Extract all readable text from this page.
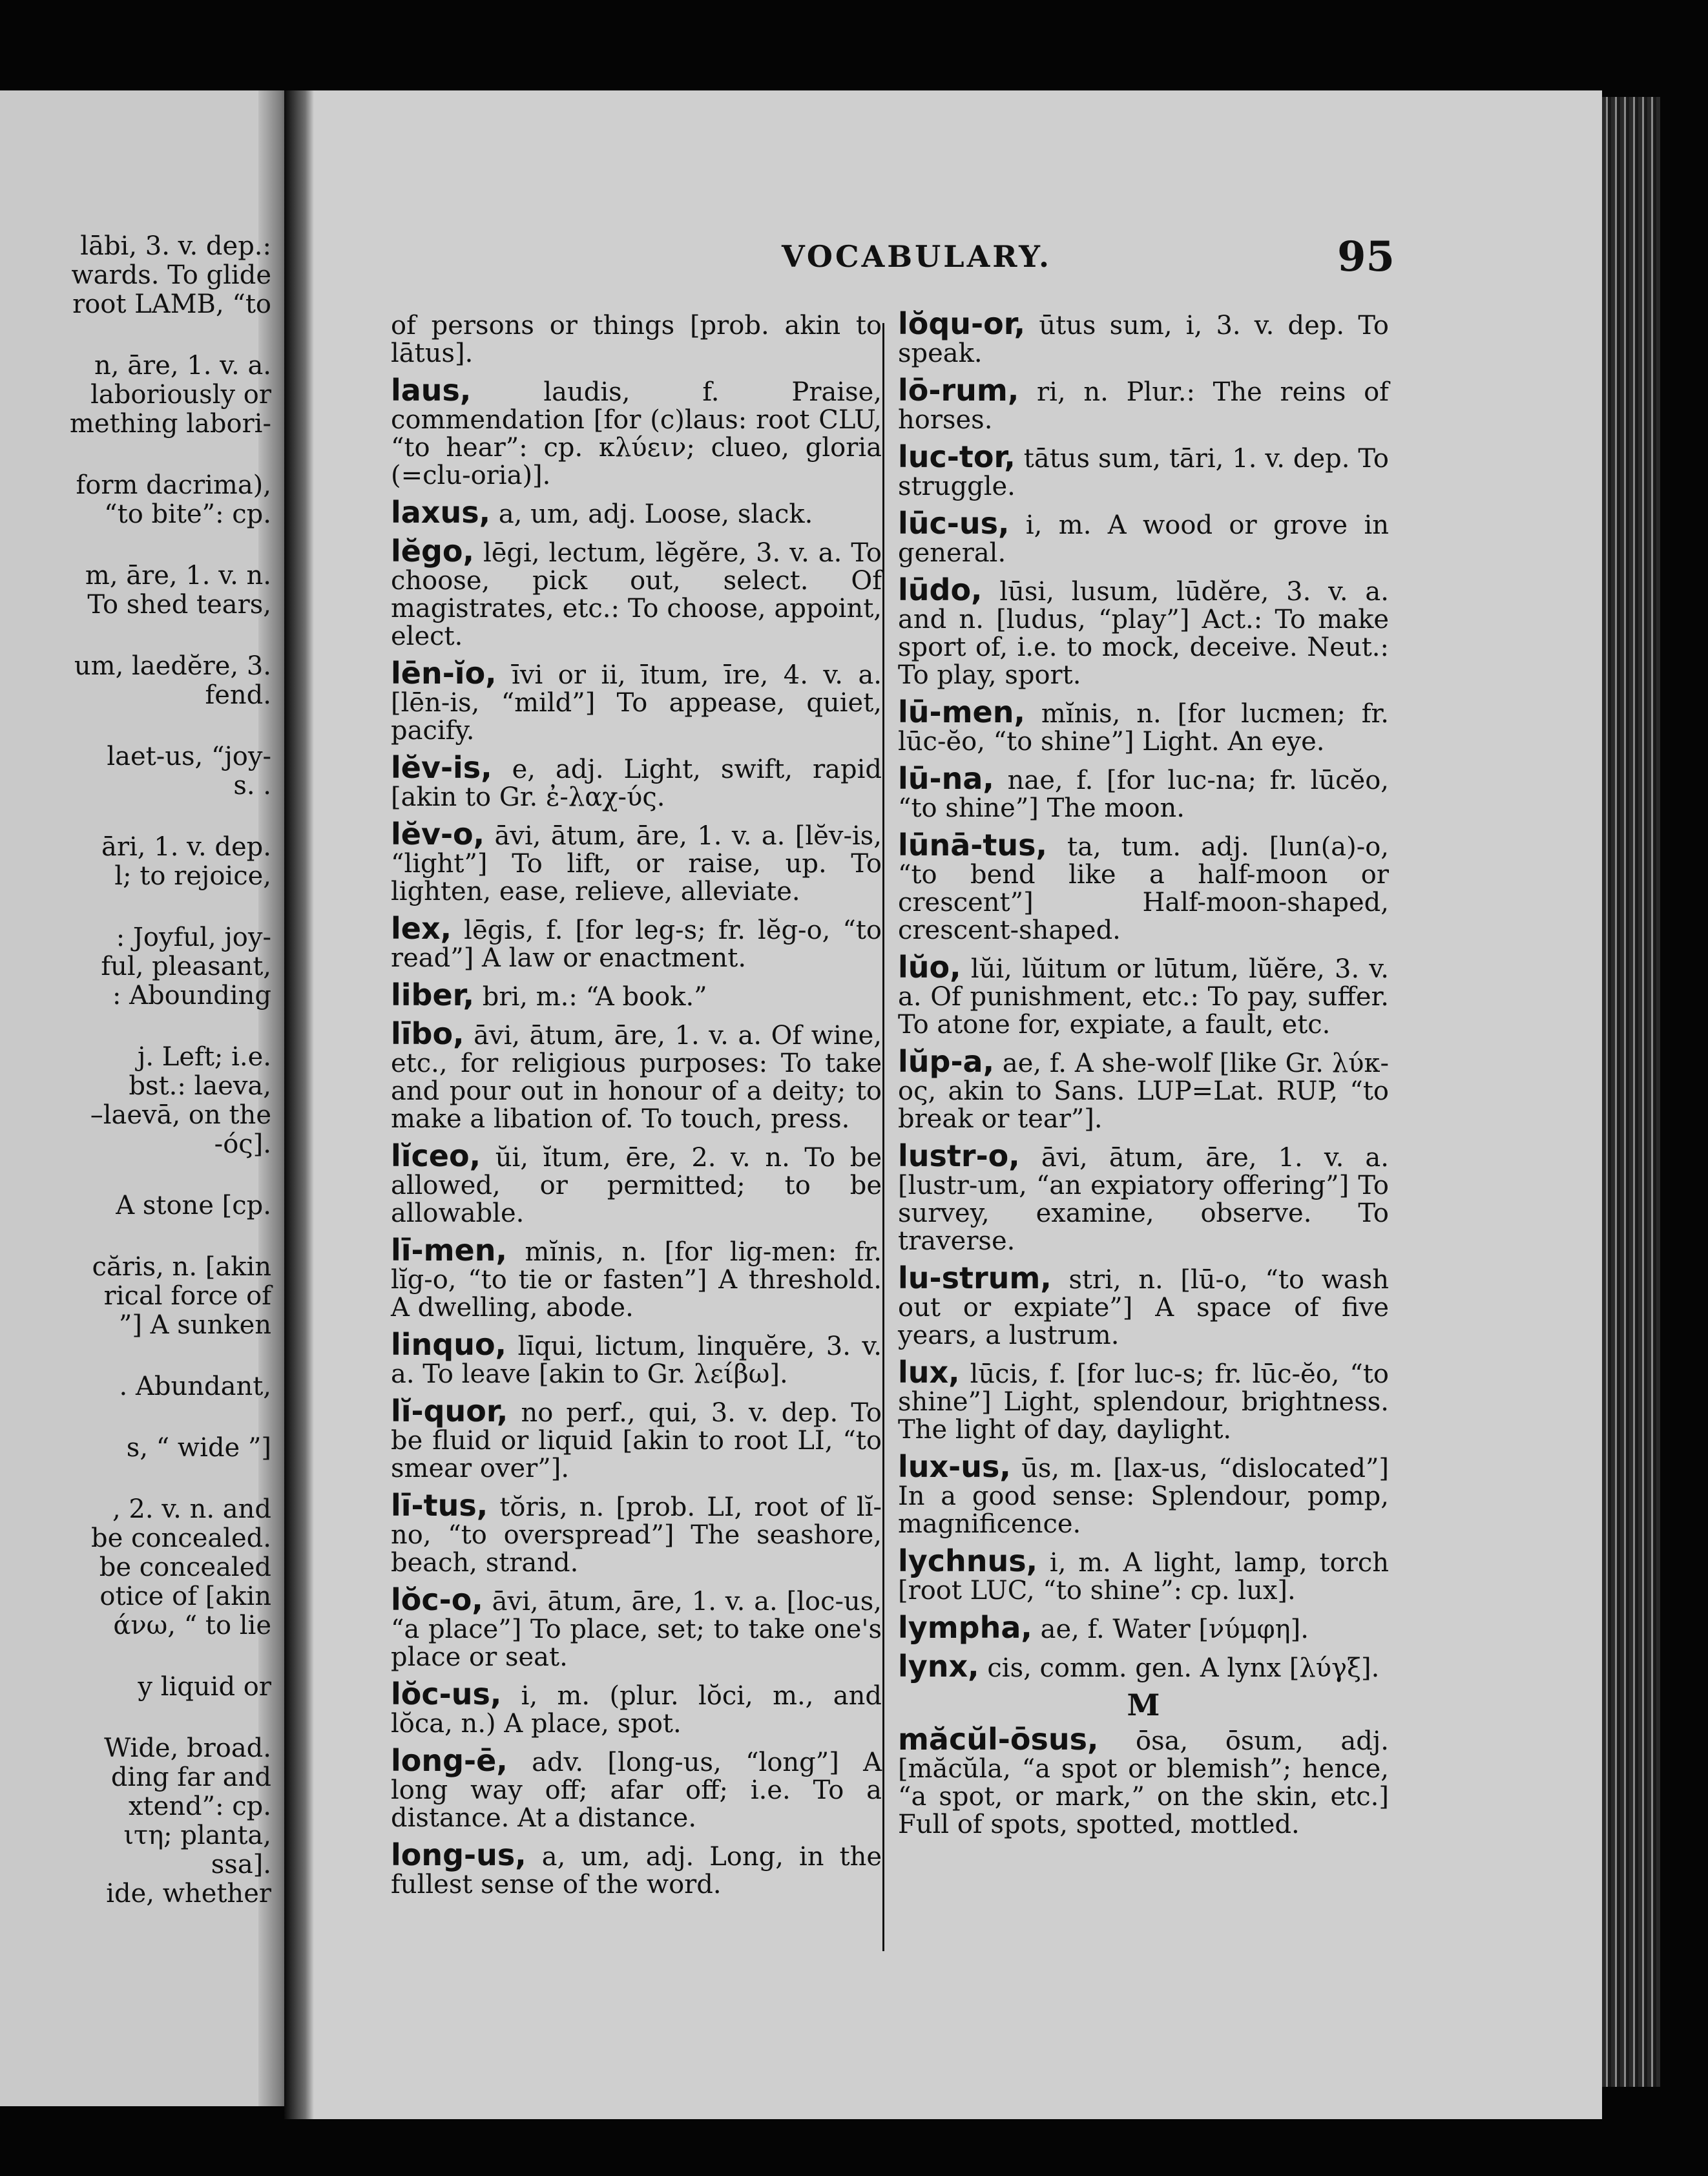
lābi, 3. v. dep.:
wards. To glide
root LAMB, “to
n, āre, 1. v. a.
laboriously or
mething labori-
form dacrima),
“to bite”: cp.
m, āre, 1. v. n.
To shed tears,
um, laedĕre, 3.
fend.
laet-us, “joy-
s. .
āri, 1. v. dep.
l; to rejoice,
: Joyful, joy-
ful, pleasant,
: Abounding
j. Left; i.e.
bst.: laeva,
–laevā, on the
-ός].
A stone [cp.
căris, n. [akin
rical force of
”] A sunken
. Abundant,
s, “ wide ”]
, 2. v. n. and
be concealed.
be concealed
otice of [akin
άνω, “ to lie
y liquid or
Wide, broad.
ding far and
xtend”: cp.
ιτη; planta,
ssa].
ide, whether
VOCABULARY.	95
of persons or things [prob. akin to lātus].
laus,	laudis, f. Praise, commendation [for (c)laus: root CLU, “to hear”: cp. κλύειν; clueo, gloria (=clu-oria)].
laxus, a, um, adj. Loose, slack.
lĕgo, lēgi, lectum, lĕgĕre, 3. v. a. To choose, pick out, select. Of magistrates, etc.: To choose, appoint, elect.
lēn-ĭo, īvi or ii, ītum, īre, 4. v. a. [lēn-is, “mild”] To appease, quiet, pacify.
lĕv-is, e, adj. Light, swift, rapid [akin to Gr. ἐ-λαχ-ύς.
lĕv-o, āvi, ātum, āre, 1. v. a. [lĕv-is, “light”] To lift, or raise, up. To lighten, ease, relieve, alleviate.
lex, lēgis, f. [for leg-s; fr. lĕg-o, “to read”] A law or enactment.
liber, bri, m.: “A book.”
lībo, āvi, ātum, āre, 1. v. a. Of wine, etc., for religious purposes: To take and pour out in honour of a deity; to make a libation of. To touch, press.
lĭceo, ŭi, ĭtum, ēre, 2. v. n. To be allowed, or permitted; to be allowable.
lī-men, mĭnis, n. [for lig-men: fr. lĭg-o, “to tie or fasten”] A threshold. A dwelling, abode.
linquo, līqui, lictum, linquĕre, 3. v. a. To leave [akin to Gr. λείβω].
lĭ-quor, no perf., qui, 3. v. dep. To be fluid or liquid [akin to root LI, “to smear over”].
lī-tus, tŏris, n. [prob. LI, root of lĭ-no, “to overspread”] The seashore, beach, strand.
lŏc-o, āvi, ātum, āre, 1. v. a. [loc-us, “a place”] To place, set; to take one's place or seat.
lŏc-us, i, m. (plur. lŏci, m., and lŏca, n.) A place, spot.
long-ē, adv. [long-us, “long”] A long way off; afar off; i.e. To a distance. At a distance.
long-us, a, um, adj. Long, in the fullest sense of the word.
lŏqu-or, ūtus sum, i, 3. v. dep. To speak.
lō-rum, ri, n. Plur.: The reins of horses.
luc-tor, tātus sum, tāri, 1. v. dep. To struggle.
lūc-us, i, m. A wood or grove in general.
lūdo, lūsi, lusum, lūdĕre, 3. v. a. and n. [ludus, “play”] Act.: To make sport of, i.e. to mock, deceive. Neut.: To play, sport.
lū-men, mĭnis, n. [for lucmen; fr. lūc-ĕo, “to shine”] Light. An eye.
lū-na, nae, f. [for luc-na; fr. lūcĕo, “to shine”] The moon.
lūnā-tus, ta, tum. adj. [lun(a)-o, “to bend like a half-moon or crescent”] Half-moon-shaped, crescent-shaped.
lŭo, lŭi, lŭitum or lūtum, lŭĕre, 3. v. a. Of punishment, etc.: To pay, suffer. To atone for, expiate, a fault, etc.
lŭp-a, ae, f. A she-wolf [like Gr. λύκ-ος, akin to Sans. LUP=Lat. RUP, “to break or tear”].
lustr-o, āvi, ātum, āre, 1. v. a. [lustr-um, “an expiatory offering”] To survey, examine, observe. To traverse.
lu-strum, stri, n. [lū-o, “to wash out or expiate”] A space of five years, a lustrum.
lux, lūcis, f. [for luc-s; fr. lūc-ĕo, “to shine”] Light, splendour, brightness. The light of day, daylight.
lux-us, ūs, m. [lax-us, “dislocated”] In a good sense: Splendour, pomp, magnificence.
lychnus, i, m. A light, lamp, torch [root LUC, “to shine”: cp. lux].
lympha, ae, f. Water [νύμφη].
lynx, cis, comm. gen. A lynx [λύγξ].
M
măcŭl-ōsus, ōsa, ōsum, adj. [măcŭla, “a spot or blemish”; hence, “a spot, or mark,” on the skin, etc.] Full of spots, spotted, mottled.
